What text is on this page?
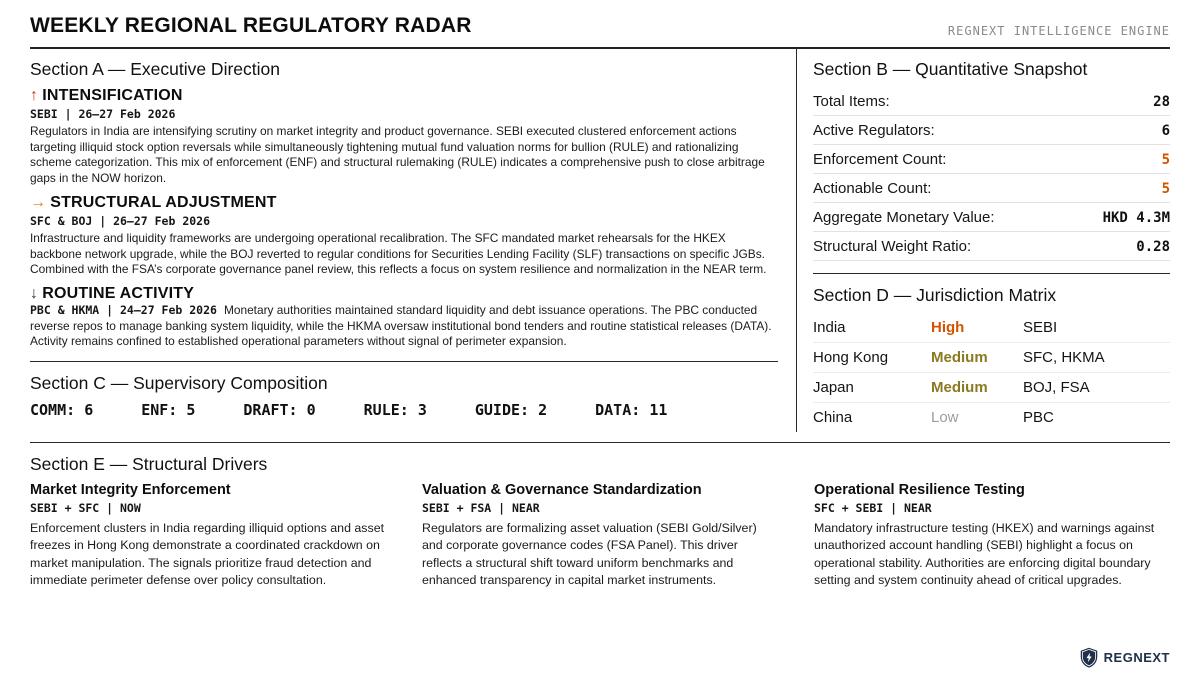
WEEKLY REGIONAL REGULATORY RADAR	REGNEXT INTELLIGENCE ENGINE
Section A — Executive Direction
↑ INTENSIFICATION
SEBI | 26–27 Feb 2026

Regulators in India are intensifying scrutiny on market integrity and product governance. SEBI executed clustered enforcement actions targeting illiquid stock option reversals while simultaneously tightening mutual fund valuation norms for bullion (RULE) and rationalizing scheme categorization. This mix of enforcement (ENF) and structural rulemaking (RULE) indicates a comprehensive push to close arbitrage gaps in the NOW horizon.

→ STRUCTURAL ADJUSTMENT
SFC & BOJ | 26–27 Feb 2026

Infrastructure and liquidity frameworks are undergoing operational recalibration. The SFC mandated market rehearsals for the HKEX backbone network upgrade, while the BOJ reverted to regular conditions for Securities Lending Facility (SLF) transactions on specific JGBs. Combined with the FSA’s corporate governance panel review, this reflects a focus on system resilience and normalization in the NEAR term.

↓ ROUTINE ACTIVITY

PBC & HKMA | 24–27 Feb 2026 Monetary authorities maintained standard liquidity and debt issuance operations. The PBC conducted reverse repos to manage banking system liquidity, while the HKMA oversaw institutional bond tenders and routine statistical releases (DATA). Activity remains confined to established operational parameters without signal of perimeter expansion.

Section C — Supervisory Composition
COMM: 6	ENF: 5	DRAFT: 0	RULE: 3	GUIDE: 2	DATA: 11
Section B — Quantitative Snapshot
Total Items:	28
Active Regulators:	6
Enforcement Count:	5
Actionable Count:	5
Aggregate Monetary Value:	HKD 4.3M
Structural Weight Ratio:	0.28
Section D — Jurisdiction Matrix
India	High	SEBI
Hong Kong	Medium	SFC, HKMA
Japan	Medium	BOJ, FSA
China	Low	PBC
Section E — Structural Drivers
Market Integrity Enforcement
SEBI + SFC | NOW

Enforcement clusters in India regarding illiquid options and asset freezes in Hong Kong demonstrate a coordinated crackdown on market manipulation. The signals prioritize fraud detection and immediate perimeter defense over policy consultation.

Valuation & Governance Standardization
SEBI + FSA | NEAR

Regulators are formalizing asset valuation (SEBI Gold/Silver) and corporate governance codes (FSA Panel). This driver reflects a structural shift toward uniform benchmarks and enhanced transparency in capital market instruments.

Operational Resilience Testing
SFC + SEBI | NEAR

Mandatory infrastructure testing (HKEX) and warnings against unauthorized account handling (SEBI) highlight a focus on operational stability. Authorities are enforcing digital boundary setting and system continuity ahead of critical upgrades.

REGNEXT
